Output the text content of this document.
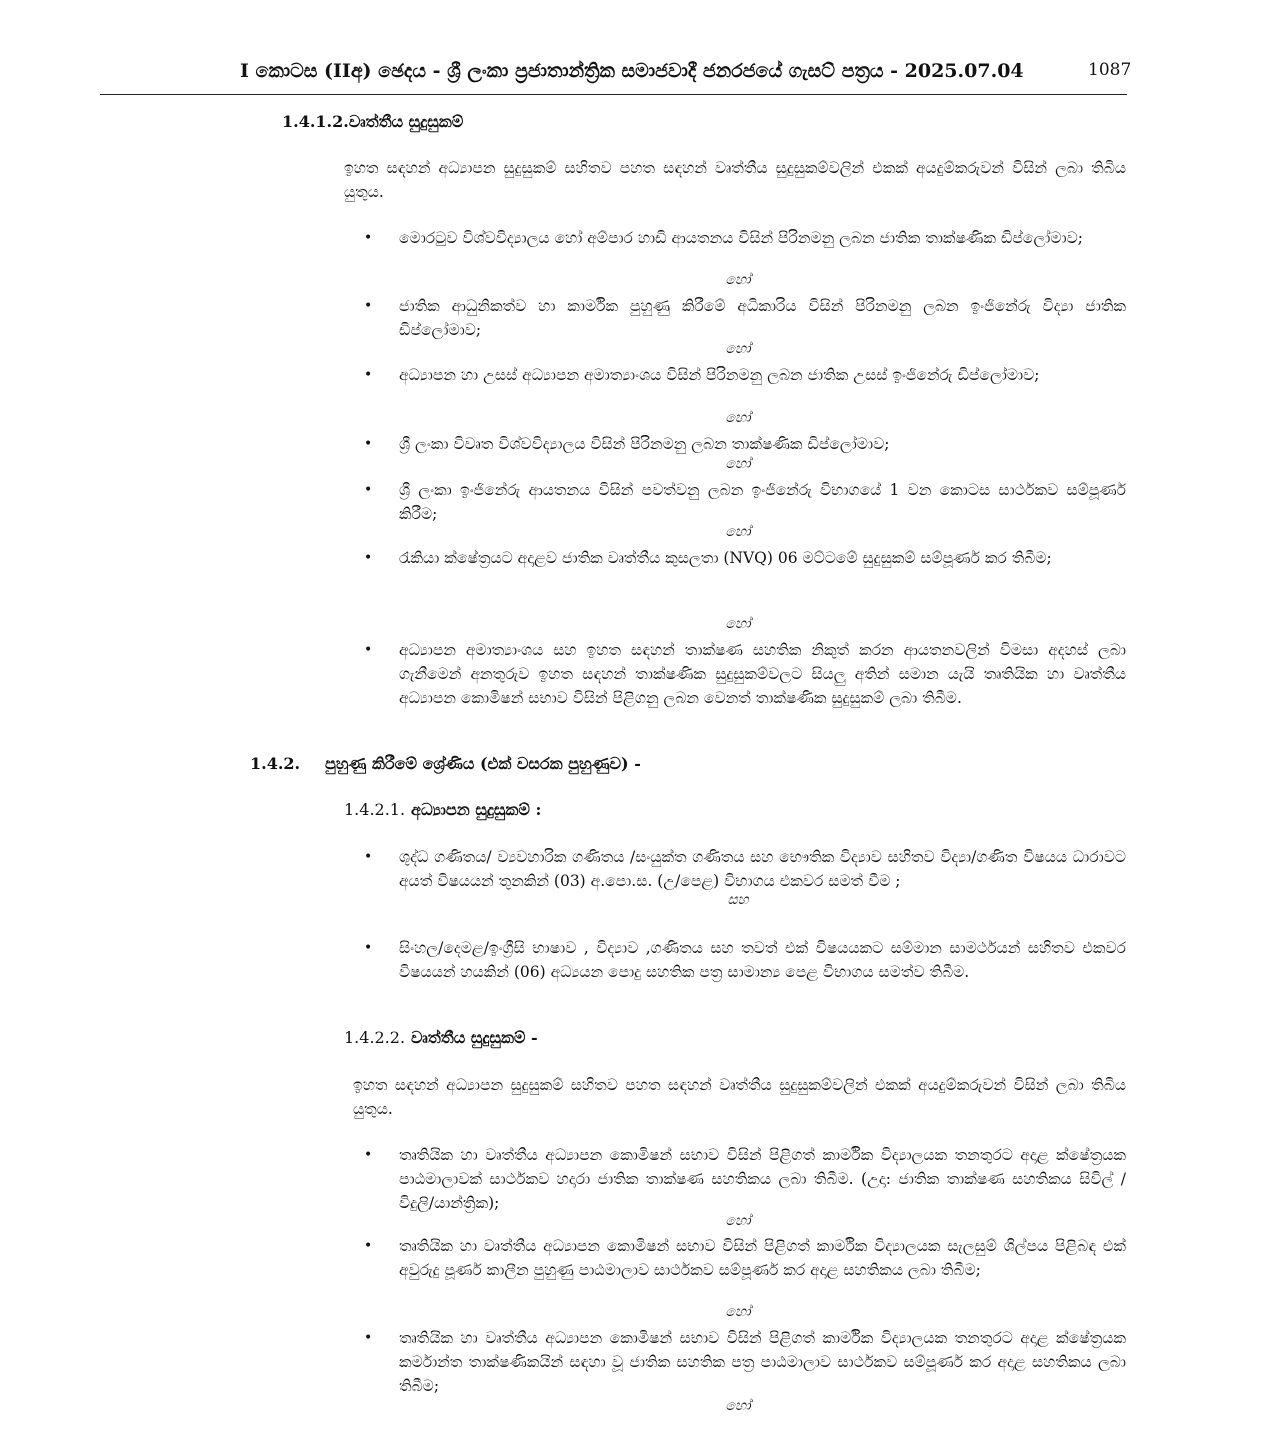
I කොටස (IIඅ) ඡෙදය - ශ්‍රී ලංකා ප්‍රජාතාන්ත්‍රික සමාජවාදී ජනරජයේ ගැසට් පත්‍රය - 2025.07.04	1087
1.4.1.2.වෘත්තීය සුදුසුකම්
ඉහත සඳහන් අධ්‍යාපන සුදුසුකම් සහිතව පහත සඳහන් වෘත්තීය සුදුසුකම්වලින් එකක් අයදුම්කරුවන් විසින් ලබා තිබිය යුතුය.
• මොරටුව විශ්වවිද්‍යාලය හෝ අම්පාර හාඩි ආයතනය විසින් පිරිනමනු ලබන ජාතික තාක්ෂණික ඩිප්ලෝමාව;
හෝ
• ජාතික ආධුනිකත්ව හා කාර්මික පුහුණු කිරීමේ අධිකාරිය විසින් පිරිනමනු ලබන ඉංජිනේරු විද්‍යා ජාතික ඩිප්ලෝමාව;
හෝ
• අධ්‍යාපන හා උසස් අධ්‍යාපන අමාත්‍යාංශය විසින් පිරිනමනු ලබන ජාතික උසස් ඉංජිනේරු ඩිප්ලෝමාව;
හෝ
• ශ්‍රී ලංකා විවෘත විශ්වවිද්‍යාලය විසින් පිරිනමනු ලබන තාක්ෂණික ඩිප්ලෝමාව;
හෝ
• ශ්‍රී ලංකා ඉංජිනේරු ආයතනය විසින් පවත්වනු ලබන ඉංජිනේරු විභාගයේ 1 වන කොටස සාර්ථකව සම්පූර්ණ කිරීම;
හෝ
• රැකියා ක්ෂේත්‍රයට අදාළව ජාතික වෘත්තීය කුසලතා (NVQ) 06 මට්ටමේ සුදුසුකම් සම්පූර්ණ කර තිබීම;
හෝ
• අධ්‍යාපන අමාත්‍යාංශය සහ ඉහත සඳහන් තාක්ෂණ සහතික නිකුත් කරන ආයතනවලින් විමසා අදහස් ලබා ගැනීමෙන් අනතුරුව ඉහත සඳහන් තාක්ෂණික සුදුසුකම්වලට සියලු අතින් සමාන යැයි තෘතියික හා වෘත්තීය අධ්‍යාපන කොමිෂන් සභාව විසින් පිළිගනු ලබන වෙනත් තාක්ෂණික සුදුසුකම් ලබා තිබීම.
1.4.2. පුහුණු කිරීමේ ශ්‍රේණිය (එක් වසරක පුහුණුව) -
1.4.2.1. අධ්‍යාපන සුදුසුකම් :
• ශුද්ධ ගණිතය/ ව්‍යවහාරික ගණිතය /සංයුක්ත ගණිතය සහ භෞතික විද්‍යාව සහිතව විද්‍යා/ගණිත විෂයය ධාරාවට අයත් විෂයයන් තුනකින් (03) අ.පො.ස. (උ/පෙළ) විභාගය එකවර සමත් වීම ;
සහ
• සිංහල/දෙමළ/ඉංග්‍රීසි භාෂාව , විද්‍යාව ,ගණිතය සහ තවත් එක් විෂයයකට සම්මාන සාමර්ථයන් සහිතව එකවර විෂයයන් හයකින් (06) අධ්‍යයන පොදු සහතික පත්‍ර සාමාන්‍ය පෙළ විභාගය සමත්ව තිබීම.
1.4.2.2. වෘත්තීය සුදුසුකම් -
ඉහත සඳහන් අධ්‍යාපන සුදුසුකම් සහිතව පහත සඳහන් වෘත්තීය සුදුසුකම්වලින් එකක් අයදුම්කරුවන් විසින් ලබා තිබිය යුතුය.
• තෘතියික හා වෘත්තීය අධ්‍යාපන කොමිෂන් සභාව විසින් පිළිගත් කාර්මික විද්‍යාලයක තනතුරට අදාළ ක්ෂේත්‍රයක පාඨමාලාවක් සාර්ථකව හදාරා ජාතික තාක්ෂණ සහතිකය ලබා තිබීම. (උදා: ජාතික තාක්ෂණ සහතිකය සිවිල් /විදුලි/යාන්ත්‍රික);
හෝ
• තෘතියික හා වෘත්තීය අධ්‍යාපන කොමිෂන් සභාව විසින් පිළිගත් කාර්මික විද්‍යාලයක සැලසුම් ශිල්පය පිළිබඳ එක් අවුරුදු පූර්ණ කාලීන පුහුණු පාඨමාලාව සාර්ථකව සම්පූර්ණ කර අදාළ සහතිකය ලබා තිබීම;
හෝ
• තෘතියික හා වෘත්තීය අධ්‍යාපන කොමිෂන් සභාව විසින් පිළිගත් කාර්මික විද්‍යාලයක තනතුරට අදාළ ක්ෂේත්‍රයක කර්මාන්ත තාක්ෂණිකයින් සඳහා වූ ජාතික සහතික පත්‍ර පාඨමාලාව සාර්ථකව සම්පූර්ණ කර අදාළ සහතිකය ලබා තිබීම;
හෝ
